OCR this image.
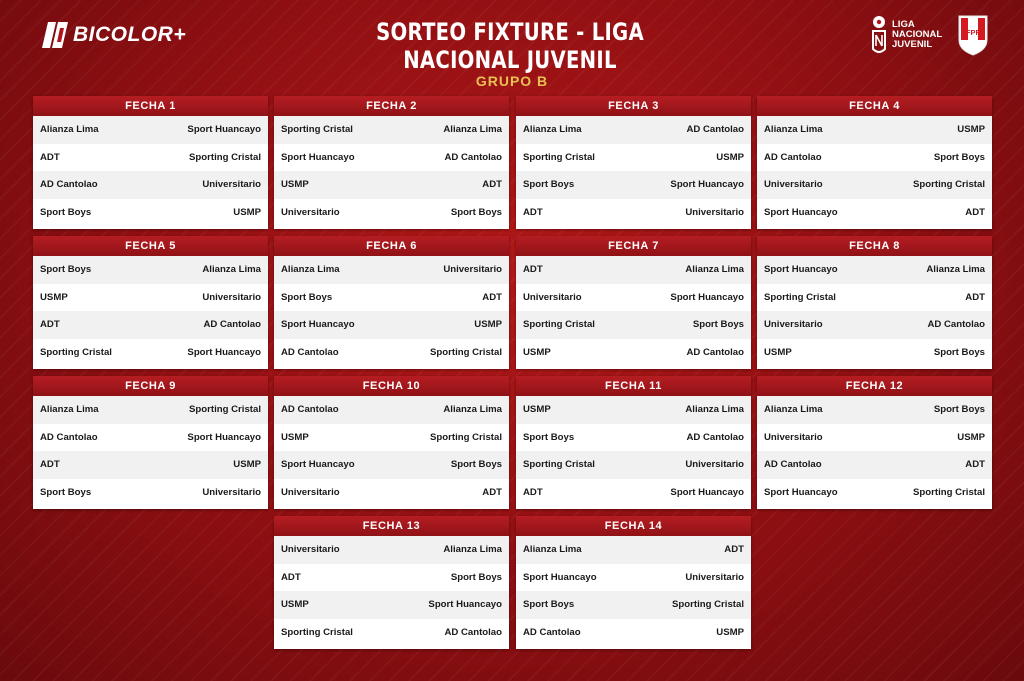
BICOLOR+	SORTEO FIXTURE - LIGA NACIONAL JUVENIL
LIGA
NACIONAL
JUVENIL
FPF
GRUPO B
FECHA 1
Alianza Lima	Sport Huancayo
ADT	Sporting Cristal
AD Cantolao	Universitario
Sport Boys	USMP
FECHA 2
Sporting Cristal	Alianza Lima
Sport Huancayo	AD Cantolao
USMP	ADT
Universitario	Sport Boys
FECHA 3
Alianza Lima	AD Cantolao
Sporting Cristal	USMP
Sport Boys	Sport Huancayo
ADT	Universitario
FECHA 4
Alianza Lima	USMP
AD Cantolao	Sport Boys
Universitario	Sporting Cristal
Sport Huancayo	ADT
FECHA 5
Sport Boys	Alianza Lima
USMP	Universitario
ADT	AD Cantolao
Sporting Cristal	Sport Huancayo
FECHA 6
Alianza Lima	Universitario
Sport Boys	ADT
Sport Huancayo	USMP
AD Cantolao	Sporting Cristal
FECHA 7
ADT	Alianza Lima
Universitario	Sport Huancayo
Sporting Cristal	Sport Boys
USMP	AD Cantolao
FECHA 8
Sport Huancayo	Alianza Lima
Sporting Cristal	ADT
Universitario	AD Cantolao
USMP	Sport Boys
FECHA 9
Alianza Lima	Sporting Cristal
AD Cantolao	Sport Huancayo
ADT	USMP
Sport Boys	Universitario
FECHA 10
AD Cantolao	Alianza Lima
USMP	Sporting Cristal
Sport Huancayo	Sport Boys
Universitario	ADT
FECHA 11
USMP	Alianza Lima
Sport Boys	AD Cantolao
Sporting Cristal	Universitario
ADT	Sport Huancayo
FECHA 12
Alianza Lima	Sport Boys
Universitario	USMP
AD Cantolao	ADT
Sport Huancayo	Sporting Cristal
FECHA 13
Universitario	Alianza Lima
ADT	Sport Boys
USMP	Sport Huancayo
Sporting Cristal	AD Cantolao
FECHA 14
Alianza Lima	ADT
Sport Huancayo	Universitario
Sport Boys	Sporting Cristal
AD Cantolao	USMP
